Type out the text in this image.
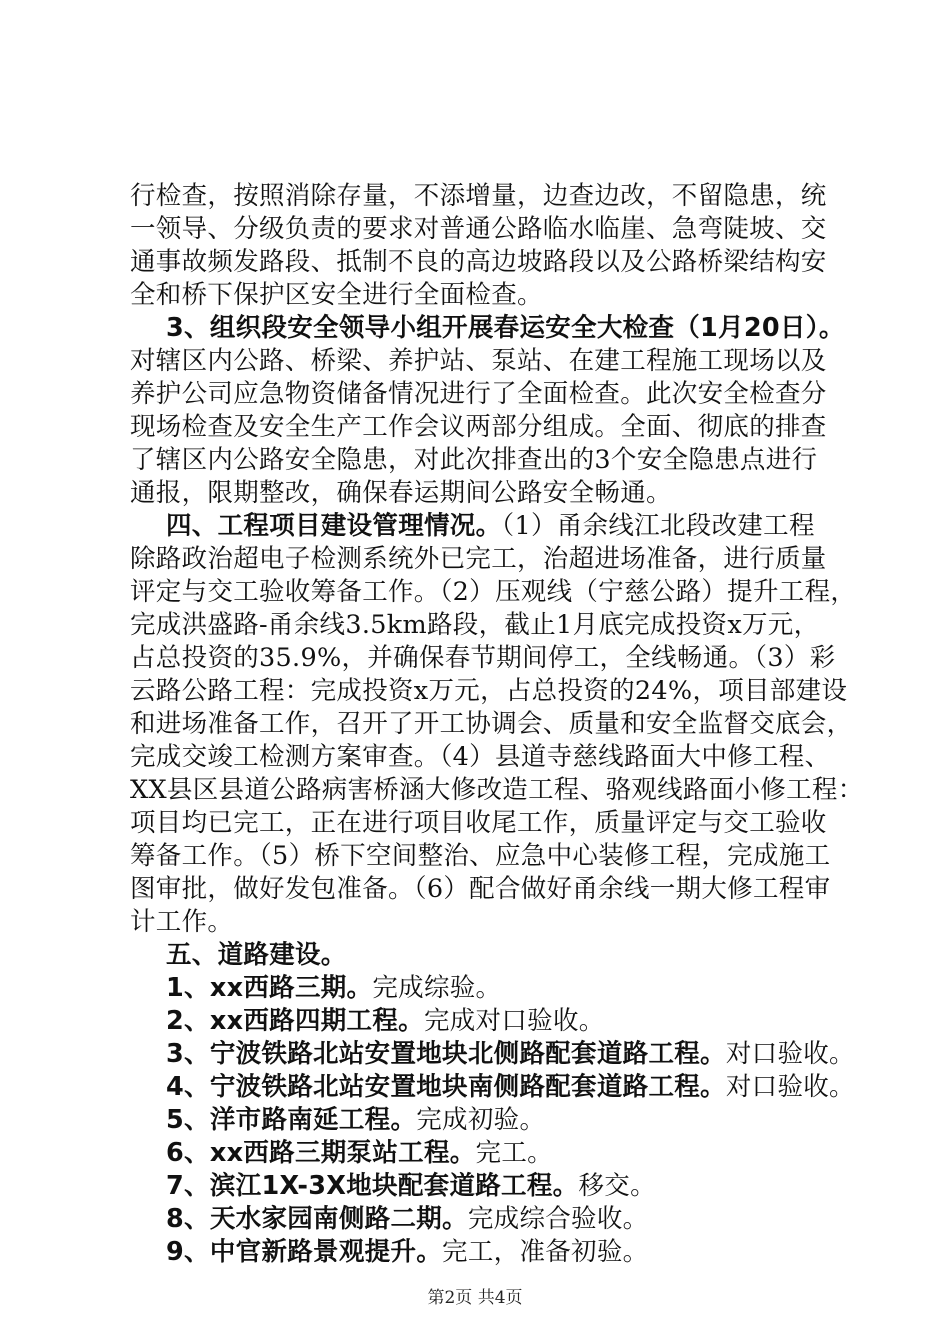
行检查，按照消除存量，不添增量，边查边改，不留隐患，统
一领导、分级负责的要求对普通公路临水临崖、急弯陡坡、交
通事故频发路段、抵制不良的高边坡路段以及公路桥梁结构安
全和桥下保护区安全进行全面检查。
3、组织段安全领导小组开展春运安全大检查（1月20日）。
对辖区内公路、桥梁、养护站、泵站、在建工程施工现场以及
养护公司应急物资储备情况进行了全面检查。此次安全检查分
现场检查及安全生产工作会议两部分组成。全面、彻底的排查
了辖区内公路安全隐患，对此次排查出的3个安全隐患点进行
通报，限期整改，确保春运期间公路安全畅通。
四、工程项目建设管理情况。（1）甬余线江北段改建工程
除路政治超电子检测系统外已完工，治超进场准备，进行质量
评定与交工验收筹备工作。（2）压观线（宁慈公路）提升工程，
完成洪盛路-甬余线3.5km路段，截止1月底完成投资x万元，
占总投资的35.9%，并确保春节期间停工，全线畅通。（3）彩
云路公路工程：完成投资x万元，占总投资的24%，项目部建设
和进场准备工作，召开了开工协调会、质量和安全监督交底会，
完成交竣工检测方案审查。（4）县道寺慈线路面大中修工程、
XX县区县道公路病害桥涵大修改造工程、骆观线路面小修工程：
项目均已完工，正在进行项目收尾工作，质量评定与交工验收
筹备工作。（5）桥下空间整治、应急中心装修工程，完成施工
图审批，做好发包准备。（6）配合做好甬余线一期大修工程审
计工作。
五、道路建设。
1、xx西路三期。完成综验。
2、xx西路四期工程。完成对口验收。
3、宁波铁路北站安置地块北侧路配套道路工程。对口验收。
4、宁波铁路北站安置地块南侧路配套道路工程。对口验收。
5、洋市路南延工程。完成初验。
6、xx西路三期泵站工程。完工。
7、滨江1X-3X地块配套道路工程。移交。
8、天水家园南侧路二期。完成综合验收。
9、中官新路景观提升。完工，准备初验。
第2页 共4页
